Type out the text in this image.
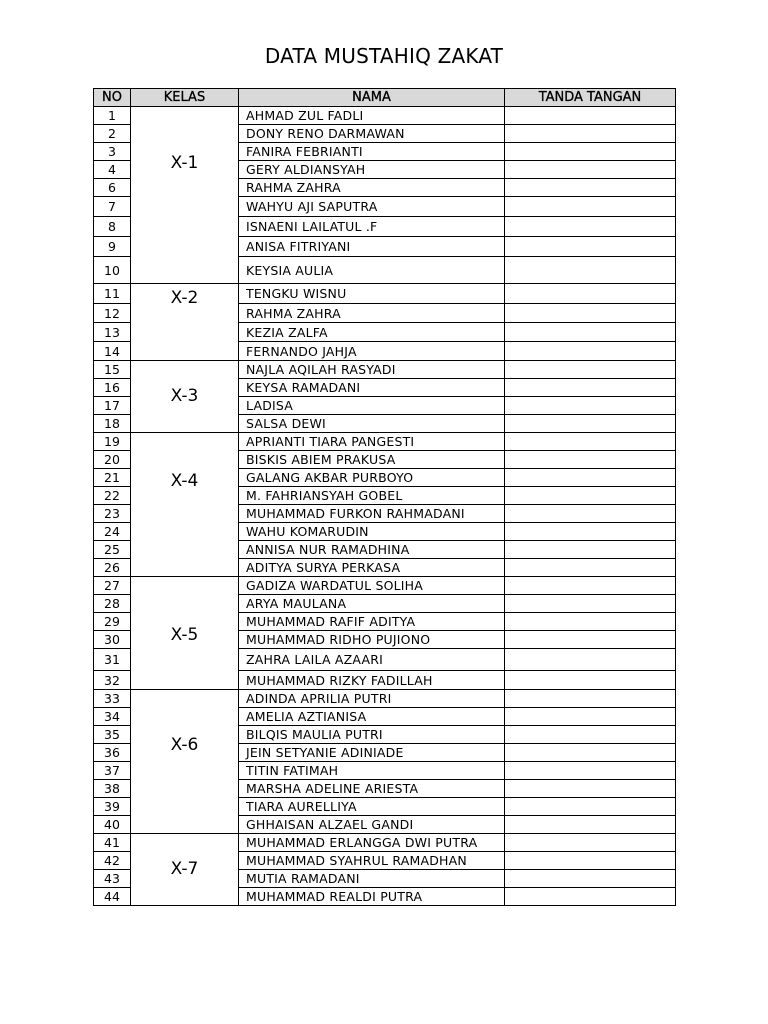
DATA MUSTAHIQ ZAKAT
NO	KELAS	NAMA	TANDA TANGAN
1	X-1	AHMAD ZUL FADLI	
2		DONY RENO DARMAWAN	
3		FANIRA FEBRIANTI	
4		GERY ALDIANSYAH	
6		RAHMA ZAHRA	
7		WAHYU AJI SAPUTRA	
8		ISNAENI LAILATUL .F	
9		ANISA FITRIYANI	
10		KEYSIA AULIA	
11	X-2	TENGKU WISNU	
12		RAHMA ZAHRA	
13		KEZIA ZALFA	
14		FERNANDO JAHJA	
15	X-3	NAJLA AQILAH RASYADI	
16		KEYSA RAMADANI	
17		LADISA	
18		SALSA DEWI	
19	X-4	APRIANTI TIARA PANGESTI	
20		BISKIS ABIEM PRAKUSA	
21		GALANG AKBAR PURBOYO	
22		M. FAHRIANSYAH GOBEL	
23		MUHAMMAD FURKON RAHMADANI	
24		WAHU KOMARUDIN	
25		ANNISA NUR RAMADHINA	
26		ADITYA SURYA PERKASA	
27	X-5	GADIZA WARDATUL SOLIHA	
28		ARYA MAULANA	
29		MUHAMMAD RAFIF ADITYA	
30		MUHAMMAD RIDHO PUJIONO	
31		ZAHRA LAILA AZAARI	
32		MUHAMMAD RIZKY FADILLAH	
33	X-6	ADINDA APRILIA PUTRI	
34		AMELIA AZTIANISA	
35		BILQIS MAULIA PUTRI	
36		JEIN SETYANIE ADINIADE	
37		TITIN FATIMAH	
38		MARSHA ADELINE ARIESTA	
39		TIARA AURELLIYA	
40		GHHAISAN ALZAEL GANDI	
41	X-7	MUHAMMAD ERLANGGA DWI PUTRA	
42		MUHAMMAD SYAHRUL RAMADHAN	
43		MUTIA RAMADANI	
44		MUHAMMAD REALDI PUTRA	
